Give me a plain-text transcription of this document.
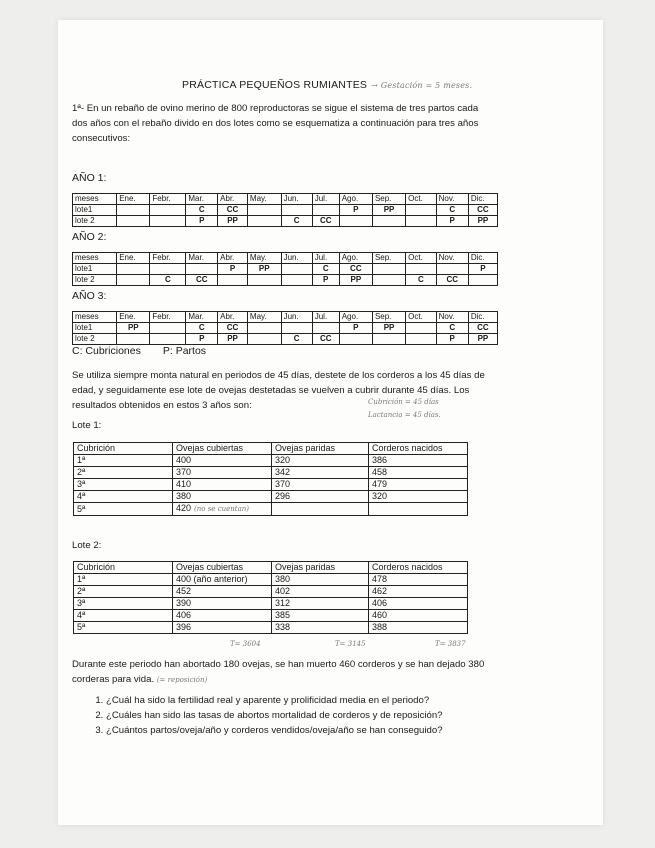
PRÁCTICA PEQUEÑOS RUMIANTES → Gestación = 5 meses.
1ª- En un rebaño de ovino merino de 800 reproductoras se sigue el sistema de tres partos cada dos años con el rebaño divido en dos lotes como se esquematiza a continuación para tres años consecutivos:
AÑO 1:
meses	Ene.	Febr.	Mar.	Abr.	May.	Jun.	Jul.	Ago.	Sep.	Oct.	Nov.	Dic.
lote1			C	CC				P	PP		C	CC
lote 2			P	PP		C	CC				P	PP
AÑO 2:
meses	Ene.	Febr.	Mar.	Abr.	May.	Jun.	Jul.	Ago.	Sep.	Oct.	Nov.	Dic.
lote1				P	PP		C	CC				P
lote 2		C	CC				P	PP		C	CC	
AÑO 3:
meses	Ene.	Febr.	Mar.	Abr.	May.	Jun.	Jul.	Ago.	Sep.	Oct.	Nov.	Dic.
lote1	PP		C	CC				P	PP		C	CC
lote 2			P	PP		C	CC				P	PP
C: Cubriciones P: Partos
Se utiliza siempre monta natural en periodos de 45 días, destete de los corderos a los 45 días de edad, y seguidamente ese lote de ovejas destetadas se vuelven a cubrir durante 45 días. Los resultados obtenidos en estos 3 años son:	Cubrición = 45 días
Lactancia = 45 días.
Lote 1:
Cubrición	Ovejas cubiertas	Ovejas paridas	Corderos nacidos
1ª	400	320	386
2ª	370	342	458
3ª	410	370	479
4ª	380	296	320
5ª	420 (no se cuentan)		
Lote 2:
Cubrición	Ovejas cubiertas	Ovejas paridas	Corderos nacidos
1ª	400 (año anterior)	380	478
2ª	452	402	462
3ª	390	312	406
4ª	406	385	460
5ª	396	338	388
T= 3604	T= 3145	T= 3837
Durante este periodo han abortado 180 ovejas, se han muerto 460 corderos y se han dejado 380 corderas para vida. (= reposición)
1. ¿Cuál ha sido la fertilidad real y aparente y prolificidad media en el periodo?
2. ¿Cuáles han sido las tasas de abortos mortalidad de corderos y de reposición?
3. ¿Cuántos partos/oveja/año y corderos vendidos/oveja/año se han conseguido?
